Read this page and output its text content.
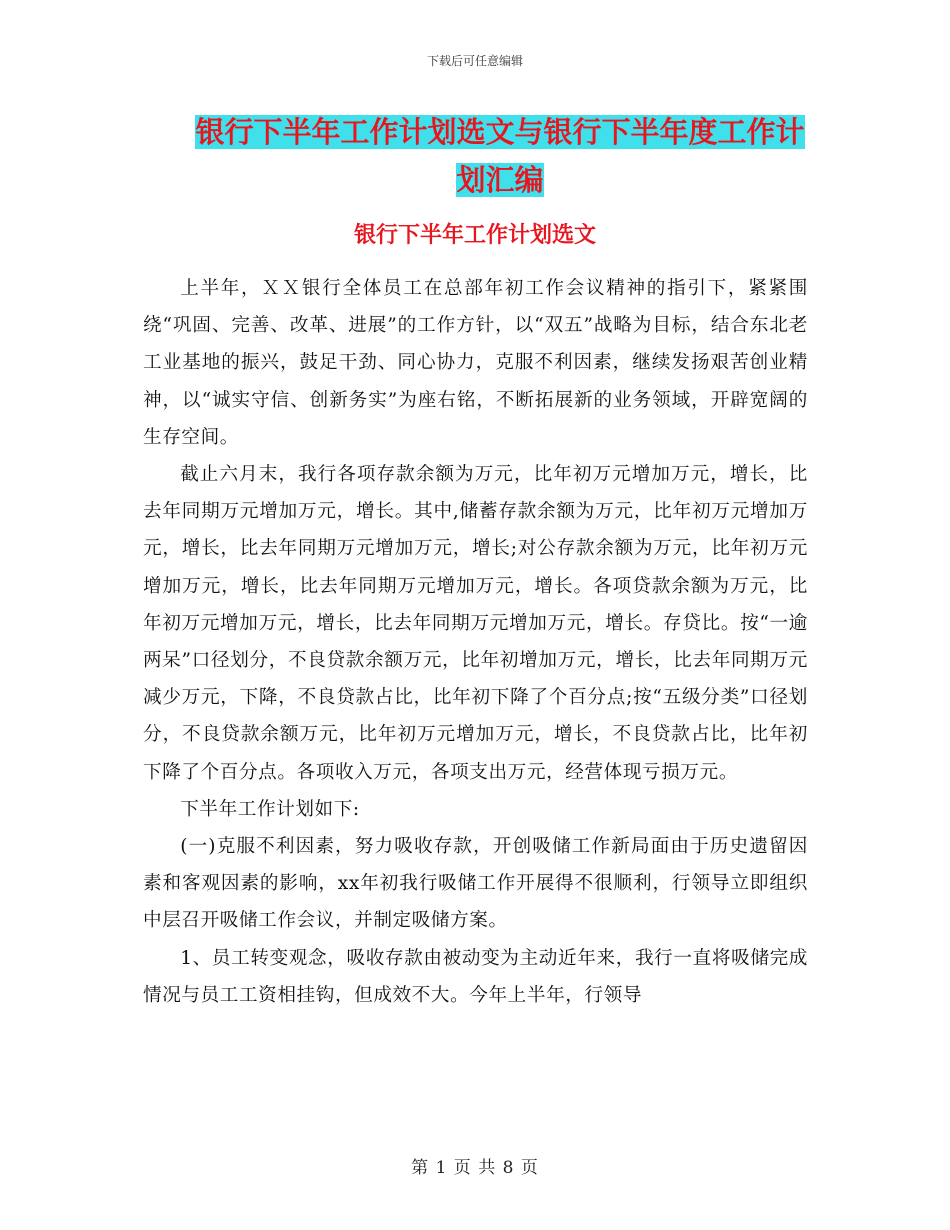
下载后可任意编辑
银行下半年工作计划选文与银行下半年度工作计划汇编
银行下半年工作计划选文

上半年，ＸＸ银行全体员工在总部年初工作会议精神的指引下，紧紧围绕“巩固、完善、改革、进展”的工作方针，以“双五”战略为目标，结合东北老工业基地的振兴，鼓足干劲、同心协力，克服不利因素，继续发扬艰苦创业精神，以“诚实守信、创新务实”为座右铭，不断拓展新的业务领域，开辟宽阔的生存空间。

截止六月末，我行各项存款余额为万元，比年初万元增加万元，增长，比去年同期万元增加万元，增长。其中,储蓄存款余额为万元，比年初万元增加万元，增长，比去年同期万元增加万元，增长;对公存款余额为万元，比年初万元增加万元，增长，比去年同期万元增加万元，增长。各项贷款余额为万元，比年初万元增加万元，增长，比去年同期万元增加万元，增长。存贷比。按“一逾两呆”口径划分，不良贷款余额万元，比年初增加万元，增长，比去年同期万元减少万元，下降，不良贷款占比，比年初下降了个百分点;按“五级分类”口径划分，不良贷款余额万元，比年初万元增加万元，增长，不良贷款占比，比年初下降了个百分点。各项收入万元，各项支出万元，经营体现亏损万元。

下半年工作计划如下:

(一)克服不利因素，努力吸收存款，开创吸储工作新局面由于历史遗留因素和客观因素的影响，xx年初我行吸储工作开展得不很顺利，行领导立即组织中层召开吸储工作会议，并制定吸储方案。

1、员工转变观念，吸收存款由被动变为主动近年来，我行一直将吸储完成情况与员工工资相挂钩，但成效不大。今年上半年，行领导

第 1 页 共 8 页
